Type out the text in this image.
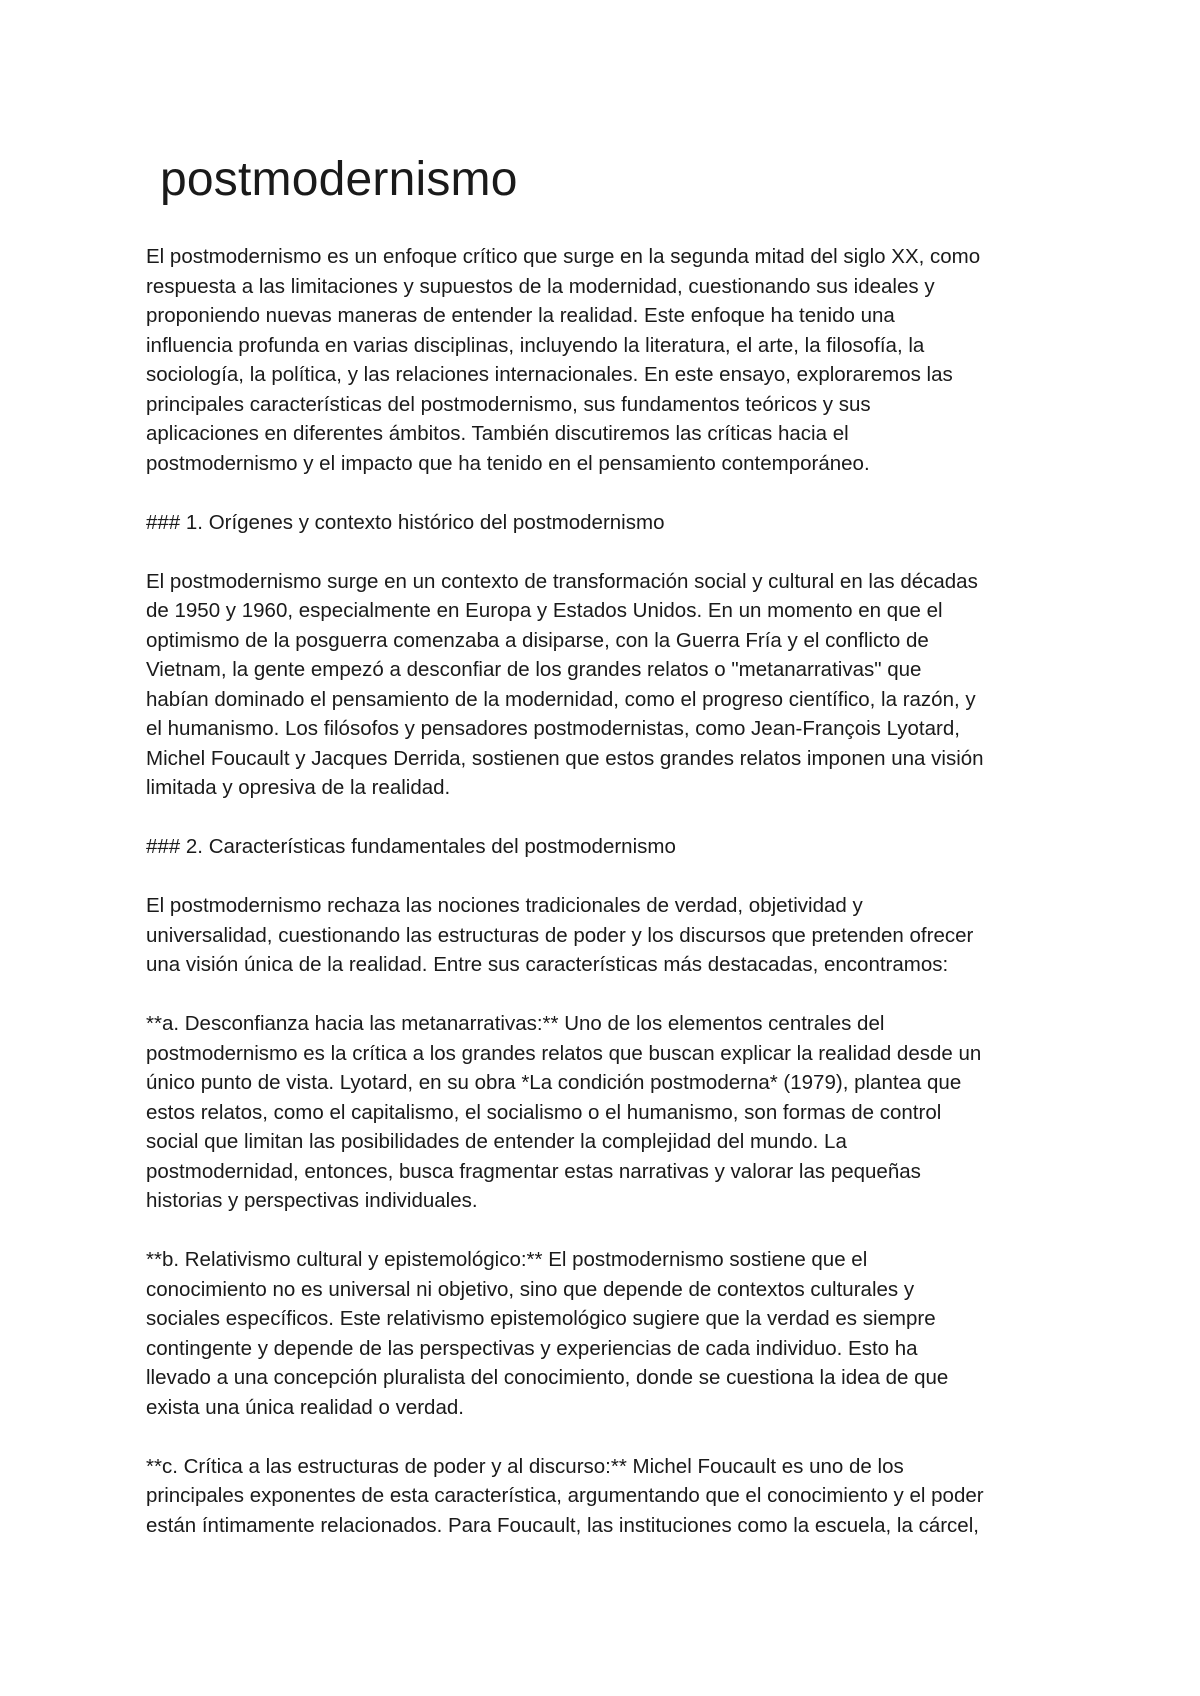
postmodernismo

El postmodernismo es un enfoque crítico que surge en la segunda mitad del siglo XX, como
respuesta a las limitaciones y supuestos de la modernidad, cuestionando sus ideales y
proponiendo nuevas maneras de entender la realidad. Este enfoque ha tenido una
influencia profunda en varias disciplinas, incluyendo la literatura, el arte, la filosofía, la
sociología, la política, y las relaciones internacionales. En este ensayo, exploraremos las
principales características del postmodernismo, sus fundamentos teóricos y sus
aplicaciones en diferentes ámbitos. También discutiremos las críticas hacia el
postmodernismo y el impacto que ha tenido en el pensamiento contemporáneo.

### 1. Orígenes y contexto histórico del postmodernismo

El postmodernismo surge en un contexto de transformación social y cultural en las décadas
de 1950 y 1960, especialmente en Europa y Estados Unidos. En un momento en que el
optimismo de la posguerra comenzaba a disiparse, con la Guerra Fría y el conflicto de
Vietnam, la gente empezó a desconfiar de los grandes relatos o "metanarrativas" que
habían dominado el pensamiento de la modernidad, como el progreso científico, la razón, y
el humanismo. Los filósofos y pensadores postmodernistas, como Jean-François Lyotard,
Michel Foucault y Jacques Derrida, sostienen que estos grandes relatos imponen una visión
limitada y opresiva de la realidad.

### 2. Características fundamentales del postmodernismo

El postmodernismo rechaza las nociones tradicionales de verdad, objetividad y
universalidad, cuestionando las estructuras de poder y los discursos que pretenden ofrecer
una visión única de la realidad. Entre sus características más destacadas, encontramos:

**a. Desconfianza hacia las metanarrativas:** Uno de los elementos centrales del
postmodernismo es la crítica a los grandes relatos que buscan explicar la realidad desde un
único punto de vista. Lyotard, en su obra *La condición postmoderna* (1979), plantea que
estos relatos, como el capitalismo, el socialismo o el humanismo, son formas de control
social que limitan las posibilidades de entender la complejidad del mundo. La
postmodernidad, entonces, busca fragmentar estas narrativas y valorar las pequeñas
historias y perspectivas individuales.

**b. Relativismo cultural y epistemológico:** El postmodernismo sostiene que el
conocimiento no es universal ni objetivo, sino que depende de contextos culturales y
sociales específicos. Este relativismo epistemológico sugiere que la verdad es siempre
contingente y depende de las perspectivas y experiencias de cada individuo. Esto ha
llevado a una concepción pluralista del conocimiento, donde se cuestiona la idea de que
exista una única realidad o verdad.

**c. Crítica a las estructuras de poder y al discurso:** Michel Foucault es uno de los
principales exponentes de esta característica, argumentando que el conocimiento y el poder
están íntimamente relacionados. Para Foucault, las instituciones como la escuela, la cárcel,
